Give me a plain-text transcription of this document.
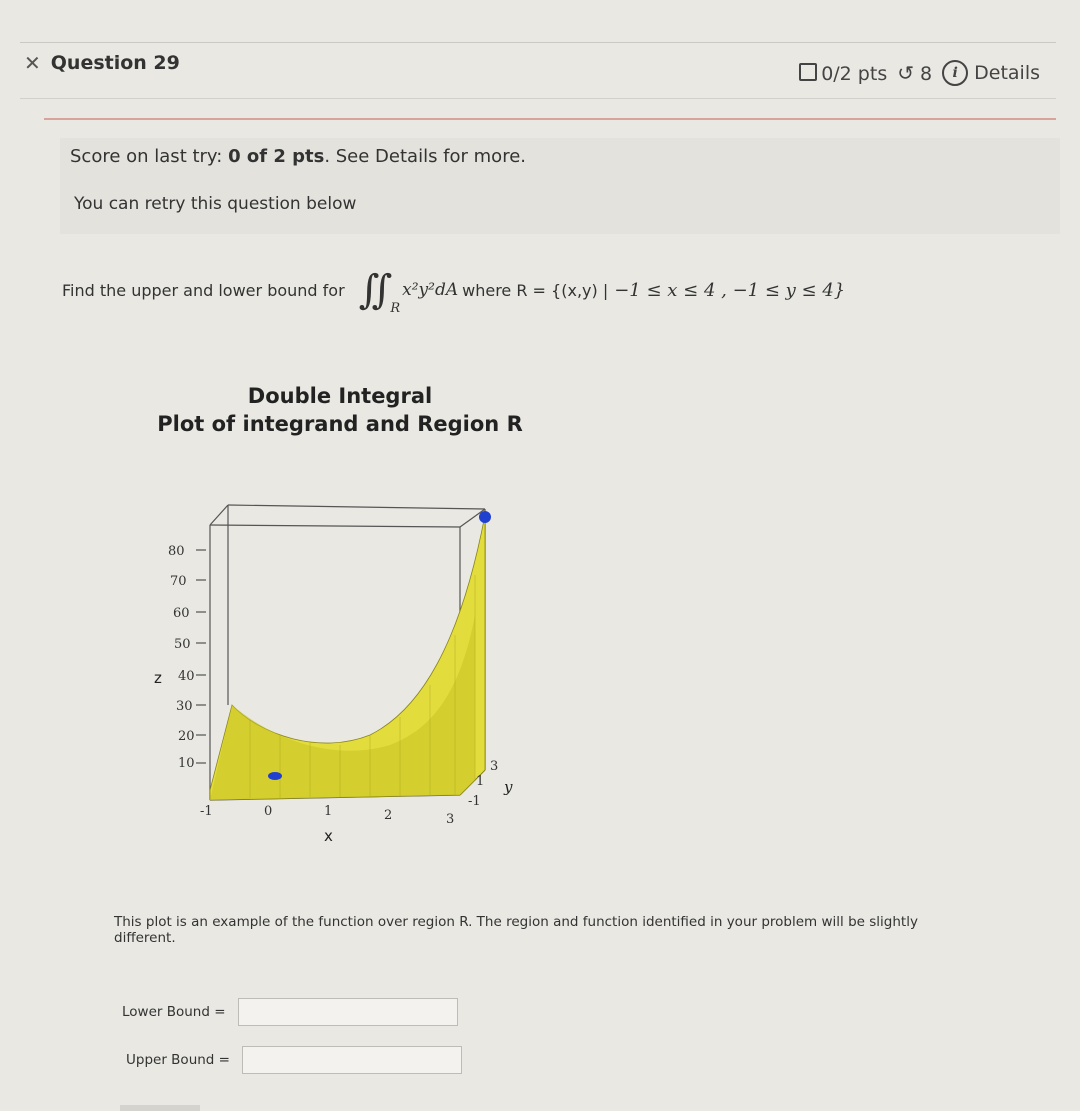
✕ Question 29	0/2 pts ↺ 8	i Details
Score on last try: 0 of 2 pts. See Details for more.
You can retry this question below
Find the upper and lower bound for ∫∫ R
x²y²dA where R = {(x,y) | −1 ≤ x ≤ 4 , −1 ≤ y ≤ 4}
Double Integral
Plot of integrand and Region R
80
70
60
50
40
30
20
10
z
-1	0	1	2	3
x
3
1
-1
y
This plot is an example of the function over region R. The region and function identified in your problem will be slightly different.
Lower Bound =
Upper Bound =
